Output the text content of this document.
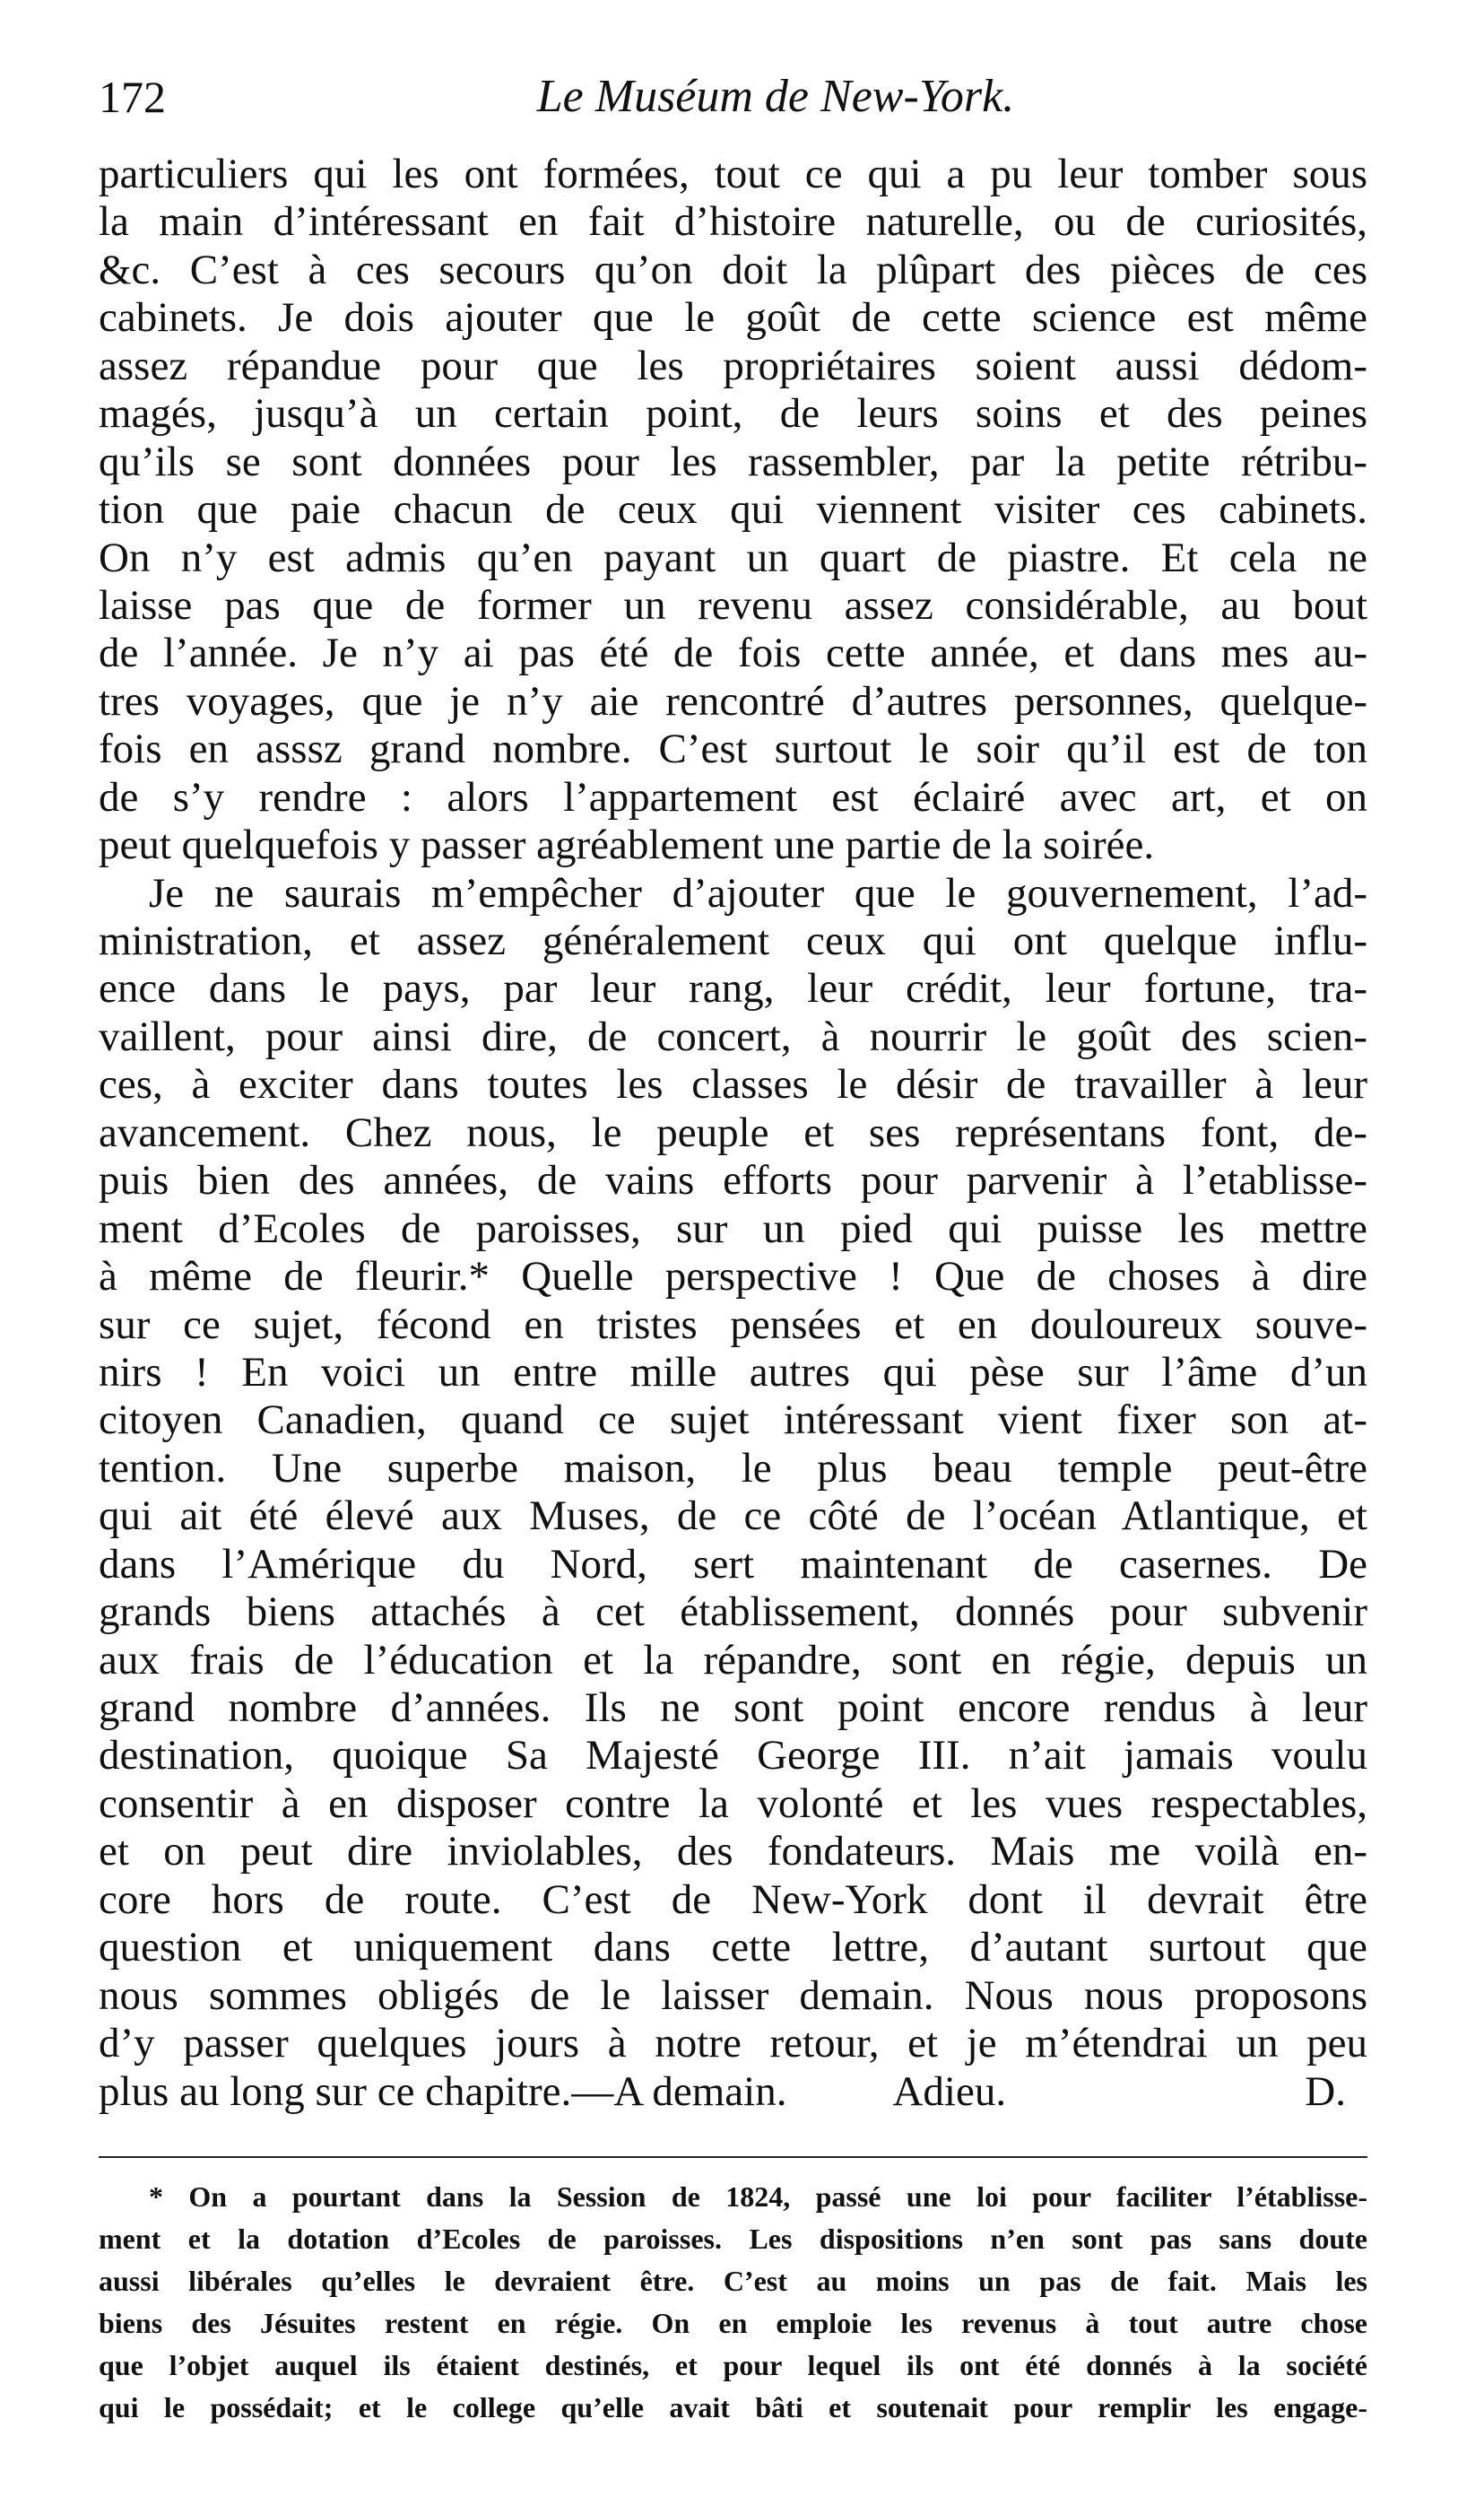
172	Le Muséum de New-York.
particuliers qui les ont formées, tout ce qui a pu leur tomber sous
la main d’intéressant en fait d’histoire naturelle, ou de curiosités,
&c. C’est à ces secours qu’on doit la plûpart des pièces de ces
cabinets. Je dois ajouter que le goût de cette science est même
assez répandue pour que les propriétaires soient aussi dédom-
magés, jusqu’à un certain point, de leurs soins et des peines
qu’ils se sont données pour les rassembler, par la petite rétribu-
tion que paie chacun de ceux qui viennent visiter ces cabinets.
On n’y est admis qu’en payant un quart de piastre. Et cela ne
laisse pas que de former un revenu assez considérable, au bout
de l’année. Je n’y ai pas été de fois cette année, et dans mes au-
tres voyages, que je n’y aie rencontré d’autres personnes, quelque-
fois en asssz grand nombre. C’est surtout le soir qu’il est de ton
de s’y rendre : alors l’appartement est éclairé avec art, et on
peut quelquefois y passer agréablement une partie de la soirée.
Je ne saurais m’empêcher d’ajouter que le gouvernement, l’ad-
ministration, et assez généralement ceux qui ont quelque influ-
ence dans le pays, par leur rang, leur crédit, leur fortune, tra-
vaillent, pour ainsi dire, de concert, à nourrir le goût des scien-
ces, à exciter dans toutes les classes le désir de travailler à leur
avancement. Chez nous, le peuple et ses représentans font, de-
puis bien des années, de vains efforts pour parvenir à l’etablisse-
ment d’Ecoles de paroisses, sur un pied qui puisse les mettre
à même de fleurir.* Quelle perspective ! Que de choses à dire
sur ce sujet, fécond en tristes pensées et en douloureux souve-
nirs ! En voici un entre mille autres qui pèse sur l’âme d’un
citoyen Canadien, quand ce sujet intéressant vient fixer son at-
tention. Une superbe maison, le plus beau temple peut-être
qui ait été élevé aux Muses, de ce côté de l’océan Atlantique, et
dans l’Amérique du Nord, sert maintenant de casernes. De
grands biens attachés à cet établissement, donnés pour subvenir
aux frais de l’éducation et la répandre, sont en régie, depuis un
grand nombre d’années. Ils ne sont point encore rendus à leur
destination, quoique Sa Majesté George III. n’ait jamais voulu
consentir à en disposer contre la volonté et les vues respectables,
et on peut dire inviolables, des fondateurs. Mais me voilà en-
core hors de route. C’est de New-York dont il devrait être
question et uniquement dans cette lettre, d’autant surtout que
nous sommes obligés de le laisser demain. Nous nous proposons
d’y passer quelques jours à notre retour, et je m’étendrai un peu
plus au long sur ce chapitre.—A demain.	Adieu.	D.
* On a pourtant dans la Session de 1824, passé une loi pour faciliter l’établisse-
ment et la dotation d’Ecoles de paroisses. Les dispositions n’en sont pas sans doute
aussi libérales qu’elles le devraient être. C’est au moins un pas de fait. Mais les
biens des Jésuites restent en régie. On en emploie les revenus à tout autre chose
que l’objet auquel ils étaient destinés, et pour lequel ils ont été donnés à la société
qui le possédait; et le college qu’elle avait bâti et soutenait pour remplir les engage-
